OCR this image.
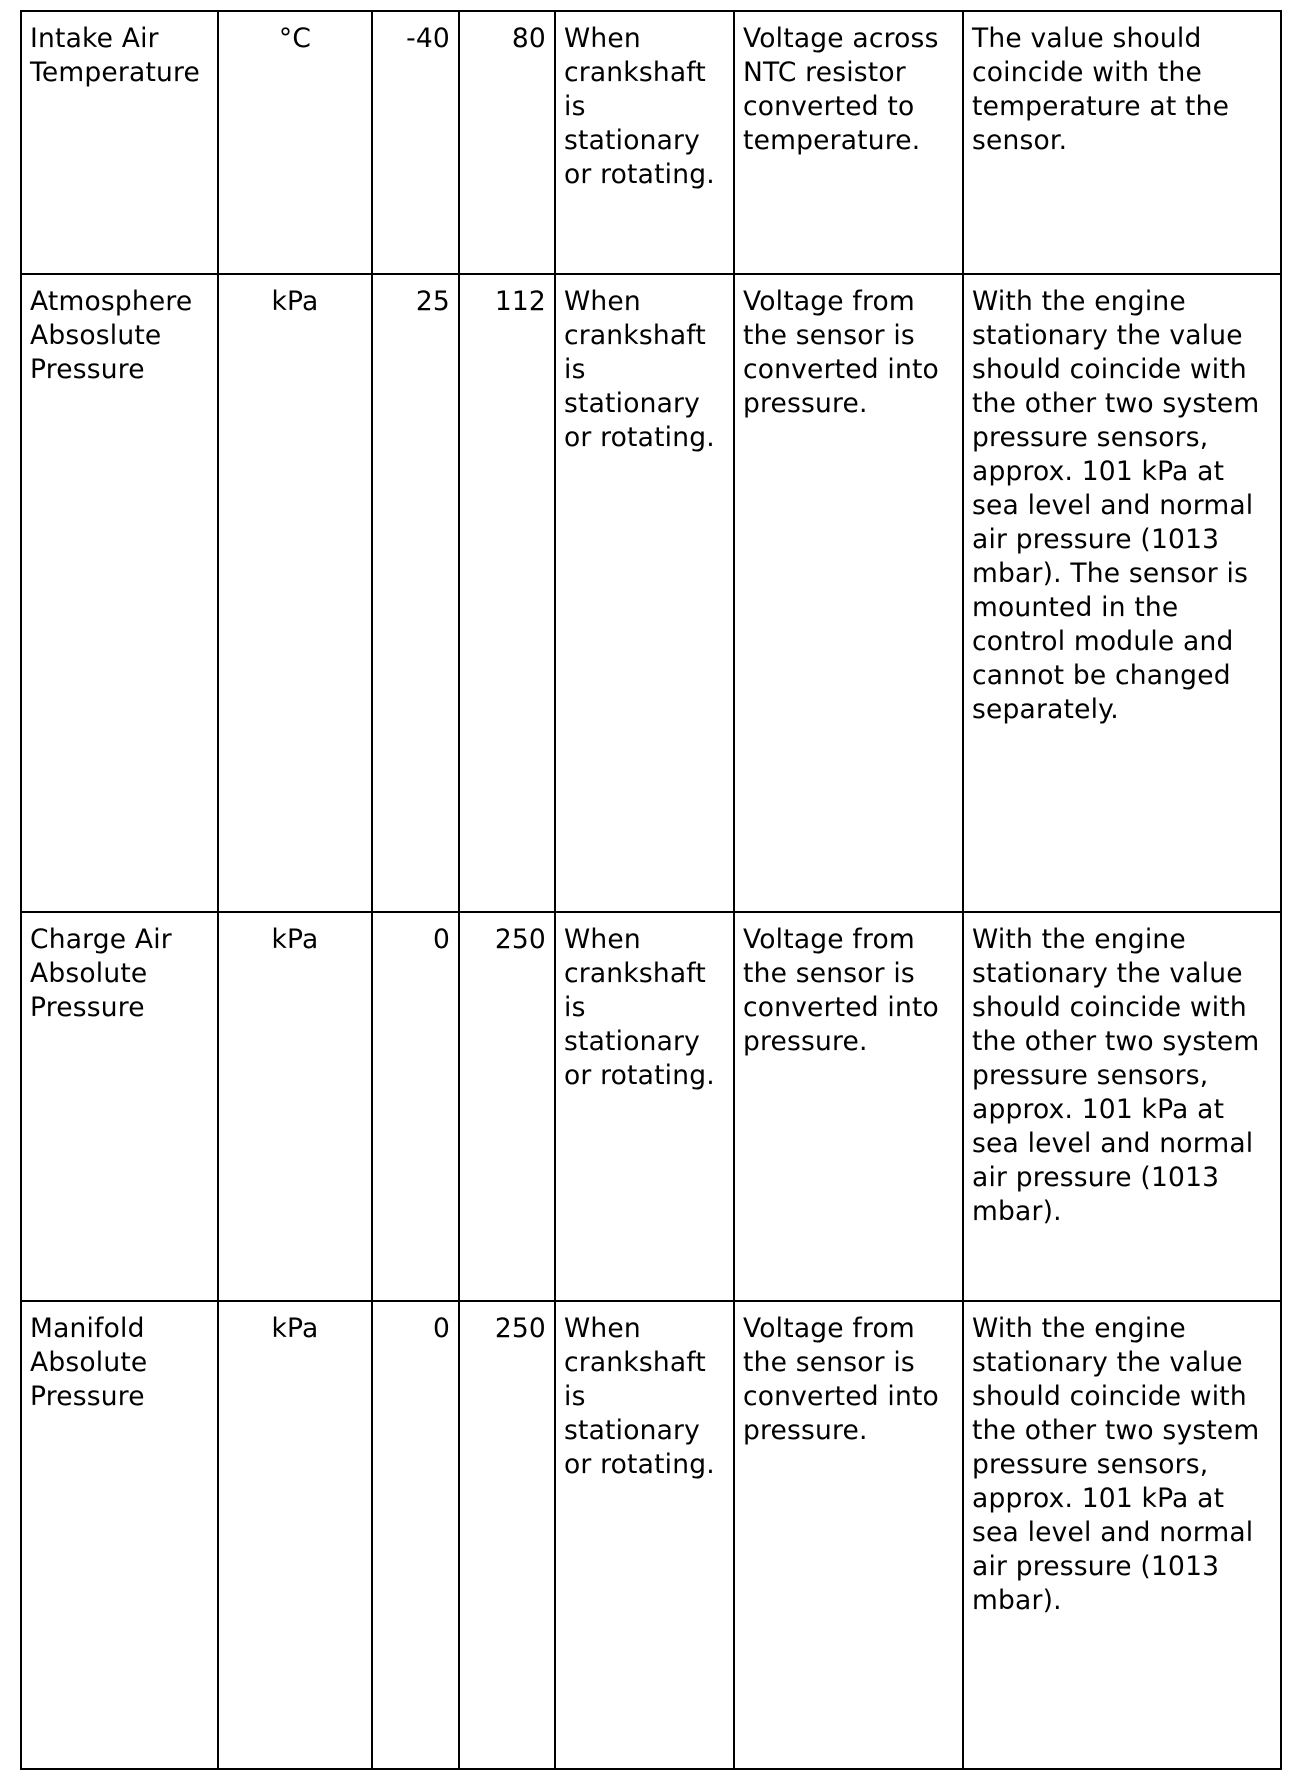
Intake Air Temperature	°C	-40	80	When crankshaft is stationary or rotating.	Voltage across NTC resistor converted to temperature.	The value should coincide with the temperature at the sensor.

Atmosphere Absoslute Pressure	kPa	25	112	When crankshaft is stationary or rotating.	Voltage from the sensor is converted into pressure.	With the engine stationary the value should coincide with the other two system pressure sensors, approx. 101 kPa at sea level and normal air pressure (1013 mbar). The sensor is mounted in the control module and cannot be changed separately.

Charge Air Absolute Pressure	kPa	0	250	When crankshaft is stationary or rotating.	Voltage from the sensor is converted into pressure.	With the engine stationary the value should coincide with the other two system pressure sensors, approx. 101 kPa at sea level and normal air pressure (1013 mbar).

Manifold Absolute Pressure	kPa	0	250	When crankshaft is stationary or rotating.	Voltage from the sensor is converted into pressure.	With the engine stationary the value should coincide with the other two system pressure sensors, approx. 101 kPa at sea level and normal air pressure (1013 mbar).
